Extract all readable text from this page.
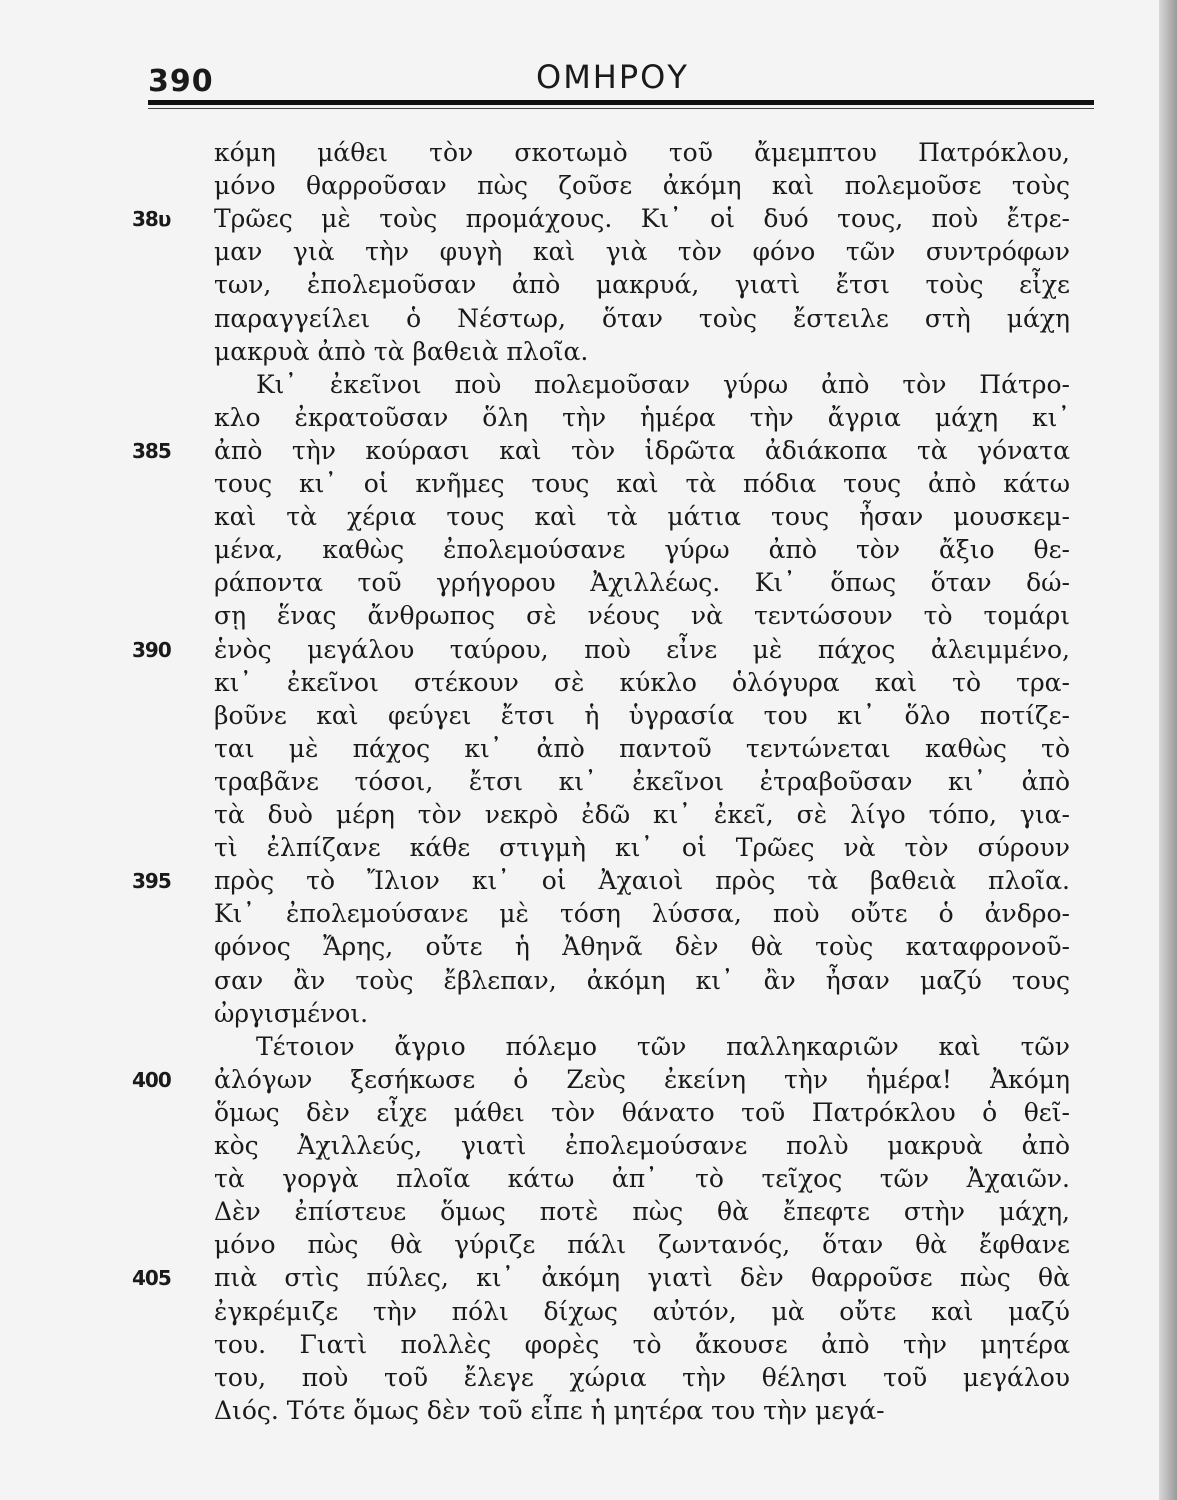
390	ΟΜΗΡΟΥ
κόμη μάθει τὸν σκοτωμὸ τοῦ ἄμεμπτου Πατρόκλου,
μόνο θαρροῦσαν πὼς ζοῦσε ἀκόμη καὶ πολεμοῦσε τοὺς
Τρῶες μὲ τοὺς προμάχους. Κι᾽ οἱ δυό τους, ποὺ ἔτρε-
38υ
μαν γιὰ τὴν φυγὴ καὶ γιὰ τὸν φόνο τῶν συντρόφων
των, ἐπολεμοῦσαν ἀπὸ μακρυά, γιατὶ ἔτσι τοὺς εἶχε
παραγγείλει ὁ Νέστωρ, ὅταν τοὺς ἔστειλε στὴ μάχη
μακρυὰ ἀπὸ τὰ βαθειὰ πλοῖα.
Κι᾽ ἐκεῖνοι ποὺ πολεμοῦσαν γύρω ἀπὸ τὸν Πάτρο-
κλο ἐκρατοῦσαν ὅλη τὴν ἡμέρα τὴν ἄγρια μάχη κι᾽
ἀπὸ τὴν κούρασι καὶ τὸν ἱδρῶτα ἀδιάκοπα τὰ γόνατα
385
τους κι᾽ οἱ κνῆμες τους καὶ τὰ πόδια τους ἀπὸ κάτω
καὶ τὰ χέρια τους καὶ τὰ μάτια τους ἦσαν μουσκεμ-
μένα, καθὼς ἐπολεμούσανε γύρω ἀπὸ τὸν ἄξιο θε-
ράποντα τοῦ γρήγορου Ἀχιλλέως. Κι᾽ ὅπως ὅταν δώ-
σῃ ἕνας ἄνθρωπος σὲ νέους νὰ τεντώσουν τὸ τομάρι
ἑνὸς μεγάλου ταύρου, ποὺ εἶνε μὲ πάχος ἀλειμμένο,
390
κι᾽ ἐκεῖνοι στέκουν σὲ κύκλο ὁλόγυρα καὶ τὸ τρα-
βοῦνε καὶ φεύγει ἔτσι ἡ ὑγρασία του κι᾽ ὅλο ποτίζε-
ται μὲ πάχος κι᾽ ἀπὸ παντοῦ τεντώνεται καθὼς τὸ
τραβᾶνε τόσοι, ἔτσι κι᾽ ἐκεῖνοι ἐτραβοῦσαν κι᾽ ἀπὸ
τὰ δυὸ μέρη τὸν νεκρὸ ἐδῶ κι᾽ ἐκεῖ, σὲ λίγο τόπο, για-
τὶ ἐλπίζανε κάθε στιγμὴ κι᾽ οἱ Τρῶες νὰ τὸν σύρουν
πρὸς τὸ Ἴλιον κι᾽ οἱ Ἀχαιοὶ πρὸς τὰ βαθειὰ πλοῖα.
395
Κι᾽ ἐπολεμούσανε μὲ τόση λύσσα, ποὺ οὔτε ὁ ἀνδρο-
φόνος Ἄρης, οὔτε ἡ Ἀθηνᾶ δὲν θὰ τοὺς καταφρονοῦ-
σαν ἂν τοὺς ἔβλεπαν, ἀκόμη κι᾽ ἂν ἦσαν μαζύ τους
ὠργισμένοι.
Τέτοιον ἄγριο πόλεμο τῶν παλληκαριῶν καὶ τῶν
ἀλόγων ξεσήκωσε ὁ Ζεὺς ἐκείνη τὴν ἡμέρα! Ἀκόμη
400
ὅμως δὲν εἶχε μάθει τὸν θάνατο τοῦ Πατρόκλου ὁ θεῖ-
κὸς Ἀχιλλεύς, γιατὶ ἐπολεμούσανε πολὺ μακρυὰ ἀπὸ
τὰ γοργὰ πλοῖα κάτω ἀπ᾽ τὸ τεῖχος τῶν Ἀχαιῶν.
Δὲν ἐπίστευε ὅμως ποτὲ πὼς θὰ ἔπεφτε στὴν μάχη,
μόνο πὼς θὰ γύριζε πάλι ζωντανός, ὅταν θὰ ἔφθανε
πιὰ στὶς πύλες, κι᾽ ἀκόμη γιατὶ δὲν θαρροῦσε πὼς θὰ
405
ἐγκρέμιζε τὴν πόλι δίχως αὐτόν, μὰ οὔτε καὶ μαζύ
του. Γιατὶ πολλὲς φορὲς τὸ ἄκουσε ἀπὸ τὴν μητέρα
του, ποὺ τοῦ ἔλεγε χώρια τὴν θέλησι τοῦ μεγάλου
Διός. Τότε ὅμως δὲν τοῦ εἶπε ἡ μητέρα του τὴν μεγά-
